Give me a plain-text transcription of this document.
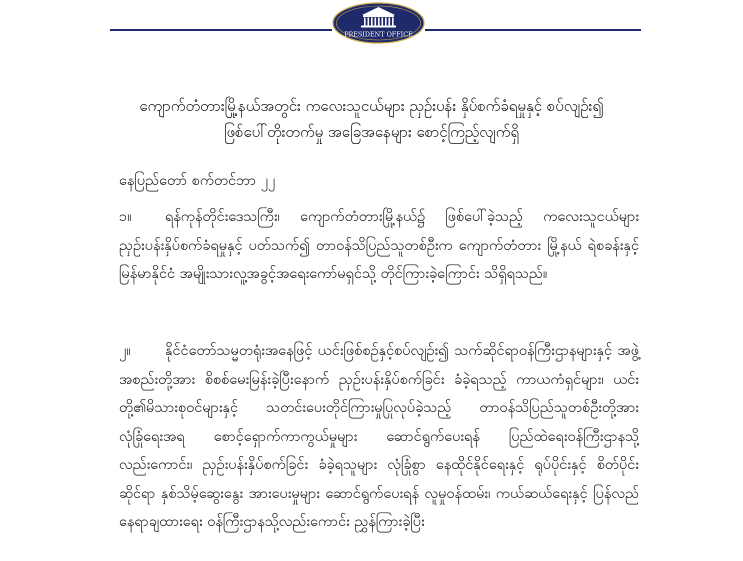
PRESIDENT OFFICE
ကျောက်တံတားမြို့နယ်အတွင်း ကလေးသူငယ်များ ညှဉ်းပန်း နှိပ်စက်ခံရမှုနှင့် စပ်လျဉ်း၍
ဖြစ်ပေါ်တိုးတက်မှု အခြေအနေများ စောင့်ကြည့်လျက်ရှိ
နေပြည်တော် စက်တင်ဘာ ၂၂
၁။ ရန်ကုန်တိုင်းဒေသကြီး၊ ကျောက်တံတားမြို့နယ်၌ ဖြစ်ပေါ်ခဲ့သည့် ကလေးသူငယ်များ ညှဉ်းပန်းနှိပ်စက်ခံရမှုနှင့် ပတ်သက်၍ တာဝန်သိပြည်သူတစ်ဦးက ကျောက်တံတား မြို့နယ် ရဲစခန်းနှင့် မြန်မာနိုင်ငံ အမျိုးသားလူ့အခွင့်အရေးကော်မရှင်သို့ တိုင်ကြားခဲ့ကြောင်း သိရှိရသည်။
၂။ နိုင်ငံတော်သမ္မတရုံးအနေဖြင့် ယင်းဖြစ်စဉ်နှင့်စပ်လျဉ်း၍ သက်ဆိုင်ရာဝန်ကြီးဌာနများနှင့် အဖွဲ့အစည်းတို့အား စိစစ်မေးမြန်းခဲ့ပြီးနောက် ညှဉ်းပန်းနှိပ်စက်ခြင်း ခံခဲ့ရသည့် ကာယကံရှင်များ၊ ယင်းတို့၏မိသားစုဝင်များနှင့် သတင်းပေးတိုင်ကြားမှုပြုလုပ်ခဲ့သည့် တာဝန်သိပြည်သူတစ်ဦးတို့အား လုံခြုံရေးအရ စောင့်ရှောက်ကာကွယ်မှုများ ဆောင်ရွက်ပေးရန် ပြည်ထဲရေးဝန်ကြီးဌာနသို့ လည်းကောင်း၊ ညှဉ်းပန်းနှိပ်စက်ခြင်း ခံခဲ့ရသူများ လုံခြုံစွာ နေထိုင်နိုင်ရေးနှင့် ရုပ်ပိုင်းနှင့် စိတ်ပိုင်းဆိုင်ရာ နှစ်သိမ့်ဆွေးနွေး အားပေးမှုများ ဆောင်ရွက်ပေးရန် လူမှုဝန်ထမ်း၊ ကယ်ဆယ်ရေးနှင့် ပြန်လည်နေရာချထားရေး ဝန်ကြီးဌာနသို့လည်းကောင်း ညွှန်ကြားခဲ့ပြီး
